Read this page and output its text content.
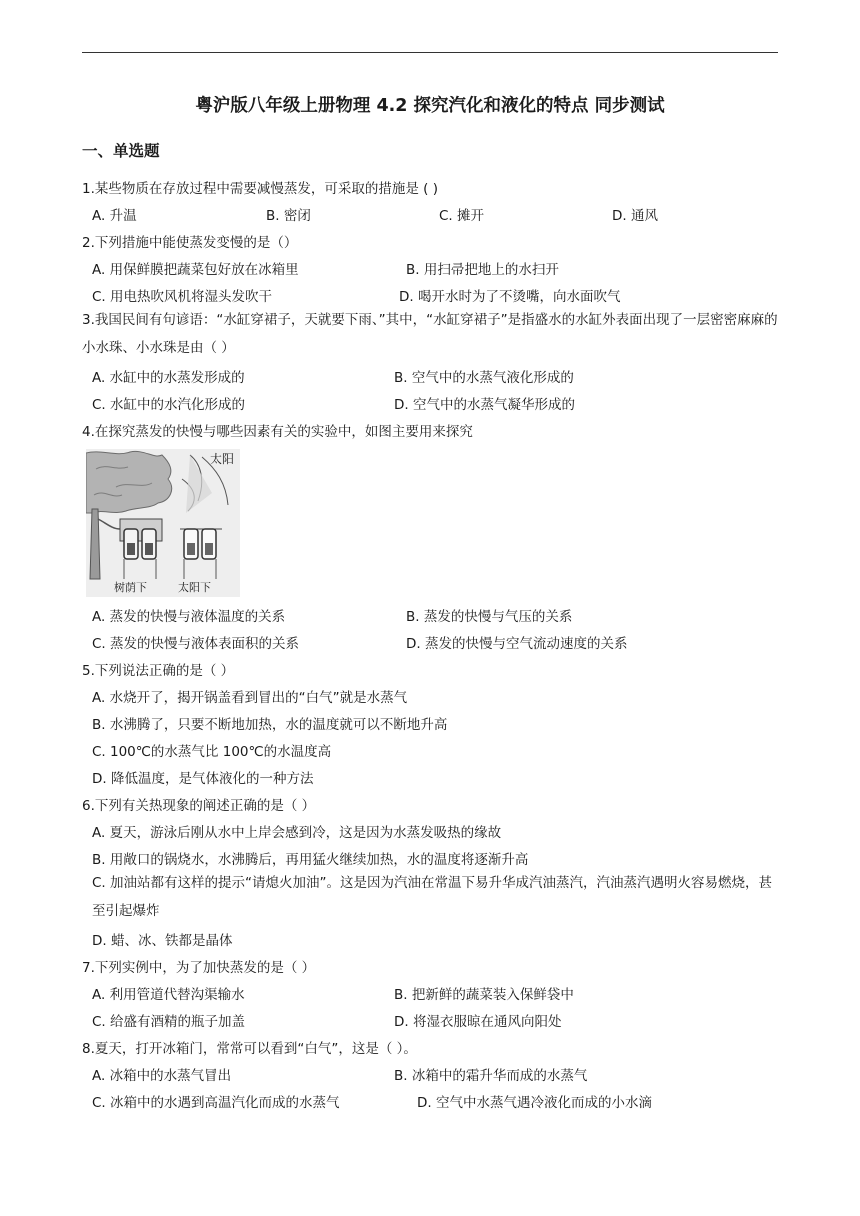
粤沪版八年级上册物理 4.2 探究汽化和液化的特点 同步测试
一、单选题
1.某些物质在存放过程中需要减慢蒸发，可采取的措施是 ( )
A. 升温	B. 密闭	C. 摊开	D. 通风
2.下列措施中能使蒸发变慢的是（）
A. 用保鲜膜把蔬菜包好放在冰箱里	B. 用扫帚把地上的水扫开
C. 用电热吹风机将湿头发吹干	D. 喝开水时为了不烫嘴，向水面吹气
3.我国民间有句谚语：“水缸穿裙子，天就要下雨、”其中，“水缸穿裙子”是指盛水的水缸外表面出现了一层密密麻麻的小水珠、小水珠是由（ ）
A. 水缸中的水蒸发形成的	B. 空气中的水蒸气液化形成的
C. 水缸中的水汽化形成的	D. 空气中的水蒸气凝华形成的
4.在探究蒸发的快慢与哪些因素有关的实验中，如图主要用来探究
太阳
树荫下	太阳下
A. 蒸发的快慢与液体温度的关系	B. 蒸发的快慢与气压的关系
C. 蒸发的快慢与液体表面积的关系	D. 蒸发的快慢与空气流动速度的关系
5.下列说法正确的是（ ）
A. 水烧开了，揭开锅盖看到冒出的“白气”就是水蒸气
B. 水沸腾了，只要不断地加热，水的温度就可以不断地升高
C. 100℃的水蒸气比 100℃的水温度高
D. 降低温度，是气体液化的一种方法
6.下列有关热现象的阐述正确的是（ ）
A. 夏天，游泳后刚从水中上岸会感到冷，这是因为水蒸发吸热的缘故
B. 用敞口的锅烧水，水沸腾后，再用猛火继续加热，水的温度将逐渐升高
C. 加油站都有这样的提示“请熄火加油”。这是因为汽油在常温下易升华成汽油蒸汽，汽油蒸汽遇明火容易燃烧，甚至引起爆炸
D. 蜡、冰、铁都是晶体
7.下列实例中，为了加快蒸发的是（ ）
A. 利用管道代替沟渠输水	B. 把新鲜的蔬菜装入保鲜袋中
C. 给盛有酒精的瓶子加盖	D. 将湿衣服晾在通风向阳处
8.夏天，打开冰箱门，常常可以看到“白气”，这是（ ）。
A. 冰箱中的水蒸气冒出	B. 冰箱中的霜升华而成的水蒸气
C. 冰箱中的水遇到高温汽化而成的水蒸气	D. 空气中水蒸气遇冷液化而成的小水滴
